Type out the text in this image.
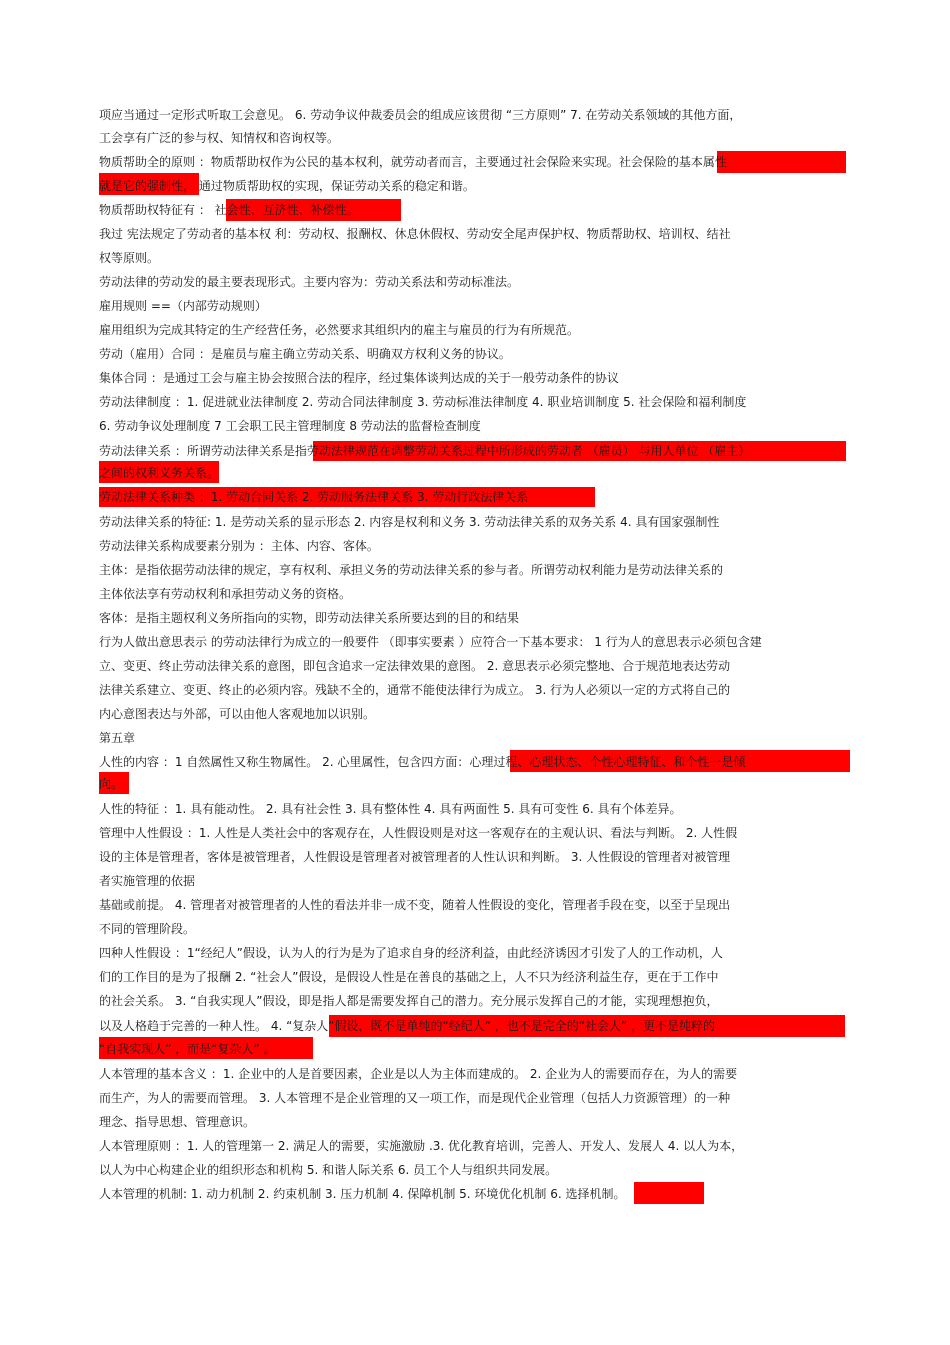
项应当通过一定形式听取工会意见。 6. 劳动争议仲裁委员会的组成应该贯彻 “三方原则” 7. 在劳动关系领域的其他方面，
工会享有广泛的参与权、知情权和咨询权等。
物质帮助全的原则 ：物质帮助权作为公民的基本权利，就劳动者而言，主要通过社会保险来实现。社会保险的基本属性
就是它的强制性， 通过物质帮助权的实现，保证劳动关系的稳定和谐。
物质帮助权特征有 ： 社会性、互济性、补偿性。
我过 宪法规定了劳动者的基本权 利：劳动权、报酬权、休息休假权、劳动安全尾声保护权、物质帮助权、培训权、结社
权等原则。
劳动法律的劳动发的最主要表现形式。主要内容为：劳动关系法和劳动标准法。
雇用规则 ==（内部劳动规则）
雇用组织为完成其特定的生产经营任务，必然要求其组织内的雇主与雇员的行为有所规范。
劳动（雇用）合同 ：是雇员与雇主确立劳动关系、明确双方权利义务的协议。
集体合同 ：是通过工会与雇主协会按照合法的程序，经过集体谈判达成的关于一般劳动条件的协议
劳动法律制度 ：1. 促进就业法律制度 2. 劳动合同法律制度 3. 劳动标准法律制度 4. 职业培训制度 5. 社会保险和福利制度
6. 劳动争议处理制度 7 工会职工民主管理制度 8 劳动法的监督检查制度
劳动法律关系 ：所谓劳动法律关系是指劳动法律规范在调整劳动关系过程中所形成的劳动者 （雇员） 与用人单位 （雇主）
之间的权利义务关系。
劳动法律关系种类 ：1. 劳动合同关系 2. 劳动服务法律关系 3. 劳动行政法律关系
劳动法律关系的特征: 1. 是劳动关系的显示形态 2. 内容是权利和义务 3. 劳动法律关系的双务关系 4. 具有国家强制性
劳动法律关系构成要素分别为 ：主体、内容、客体。
主体：是指依据劳动法律的规定，享有权利、承担义务的劳动法律关系的参与者。所谓劳动权利能力是劳动法律关系的
主体依法享有劳动权利和承担劳动义务的资格。
客体：是指主题权利义务所指向的实物，即劳动法律关系所要达到的目的和结果
行为人做出意思表示 的劳动法律行为成立的一般要件 （即事实要素 ）应符合一下基本要求： 1 行为人的意思表示必须包含建
立、变更、终止劳动法律关系的意图，即包含追求一定法律效果的意图。 2. 意思表示必须完整地、合于规范地表达劳动
法律关系建立、变更、终止的必须内容。残缺不全的，通常不能使法律行为成立。 3. 行为人必须以一定的方式将自己的
内心意图表达与外部，可以由他人客观地加以识别。
第五章
人性的内容 ：1 自然属性又称生物属性。 2. 心里属性，包含四方面：心理过程、心理状态、个性心理特征、和个性一是倾
向。
人性的特征 ：1. 具有能动性。 2. 具有社会性 3. 具有整体性 4. 具有两面性 5. 具有可变性 6. 具有个体差异。
管理中人性假设 ：1. 人性是人类社会中的客观存在，人性假设则是对这一客观存在的主观认识、看法与判断。 2. 人性假
设的主体是管理者，客体是被管理者，人性假设是管理者对被管理者的人性认识和判断。 3. 人性假设的管理者对被管理
者实施管理的依据
基础或前提。 4. 管理者对被管理者的人性的看法并非一成不变，随着人性假设的变化，管理者手段在变，以至于呈现出
不同的管理阶段。
四种人性假设 ：1“经纪人”假设，认为人的行为是为了追求自身的经济利益，由此经济诱因才引发了人的工作动机，人
们的工作目的是为了报酬 2. “社会人”假设，是假设人性是在善良的基础之上，人不只为经济利益生存，更在于工作中
的社会关系。 3. “自我实现人”假设，即是指人都是需要发挥自己的潜力。充分展示发挥自己的才能，实现理想抱负，
以及人格趋于完善的一种人性。 4. “复杂人”假设，既不是单纯的“经纪人” ，也不是完全的“社会人” ，更不是纯粹的
“自我实现人” ，而是“复杂人” 。
人本管理的基本含义 ：1. 企业中的人是首要因素，企业是以人为主体而建成的。 2. 企业为人的需要而存在，为人的需要
而生产，为人的需要而管理。 3. 人本管理不是企业管理的又一项工作，而是现代企业管理（包括人力资源管理）的一种
理念、指导思想、管理意识。
人本管理原则 ：1. 人的管理第一 2. 满足人的需要，实施激励 .3. 优化教育培训，完善人、开发人、发展人 4. 以人为本，
以人为中心构建企业的组织形态和机构 5. 和谐人际关系 6. 员工个人与组织共同发展。
人本管理的机制: 1. 动力机制 2. 约束机制 3. 压力机制 4. 保障机制 5. 环境优化机制 6. 选择机制。
